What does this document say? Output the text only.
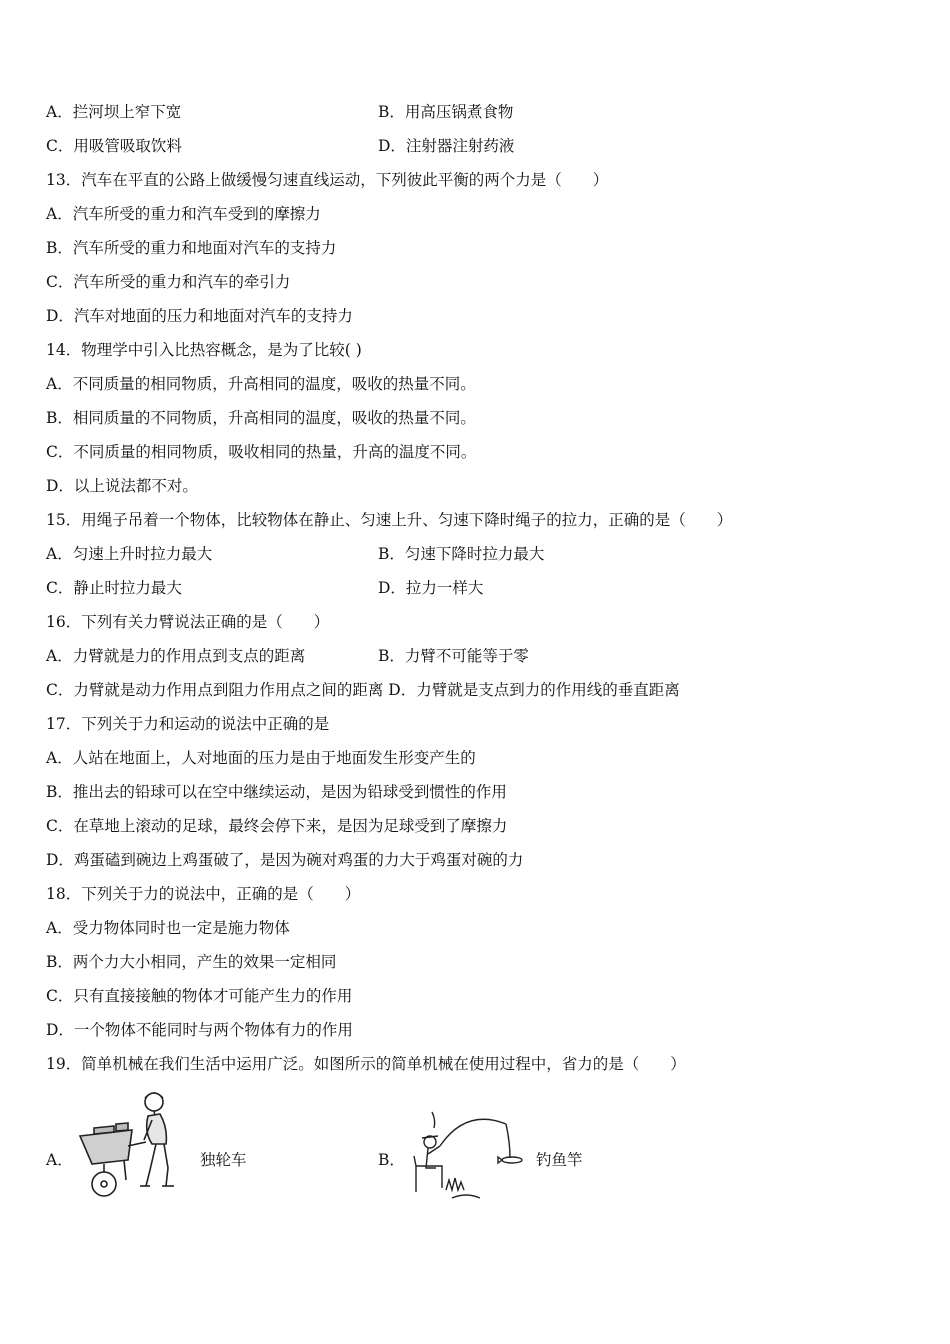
A．拦河坝上窄下宽	B．用高压锅煮食物
C．用吸管吸取饮料	D．注射器注射药液
13．汽车在平直的公路上做缓慢匀速直线运动，下列彼此平衡的两个力是（　　）
A．汽车所受的重力和汽车受到的摩擦力
B．汽车所受的重力和地面对汽车的支持力
C．汽车所受的重力和汽车的牵引力
D．汽车对地面的压力和地面对汽车的支持力
14．物理学中引入比热容概念，是为了比较( )
A．不同质量的相同物质，升高相同的温度，吸收的热量不同。
B．相同质量的不同物质，升高相同的温度，吸收的热量不同。
C．不同质量的相同物质，吸收相同的热量，升高的温度不同。
D．以上说法都不对。
15．用绳子吊着一个物体，比较物体在静止、匀速上升、匀速下降时绳子的拉力，正确的是（　　）
A．匀速上升时拉力最大	B．匀速下降时拉力最大
C．静止时拉力最大	D．拉力一样大
16．下列有关力臂说法正确的是（　　）
A．力臂就是力的作用点到支点的距离	B．力臂不可能等于零
C．力臂就是动力作用点到阻力作用点之间的距离 D．力臂就是支点到力的作用线的垂直距离
17．下列关于力和运动的说法中正确的是
A．人站在地面上，人对地面的压力是由于地面发生形变产生的
B．推出去的铅球可以在空中继续运动，是因为铅球受到惯性的作用
C．在草地上滚动的足球，最终会停下来，是因为足球受到了摩擦力
D．鸡蛋磕到碗边上鸡蛋破了，是因为碗对鸡蛋的力大于鸡蛋对碗的力
18．下列关于力的说法中，正确的是（　　）
A．受力物体同时也一定是施力物体
B．两个力大小相同，产生的效果一定相同
C．只有直接接触的物体才可能产生力的作用
D．一个物体不能同时与两个物体有力的作用
19．简单机械在我们生活中运用广泛。如图所示的简单机械在使用过程中，省力的是（　　）
A．	独轮车	B．	钓鱼竿
